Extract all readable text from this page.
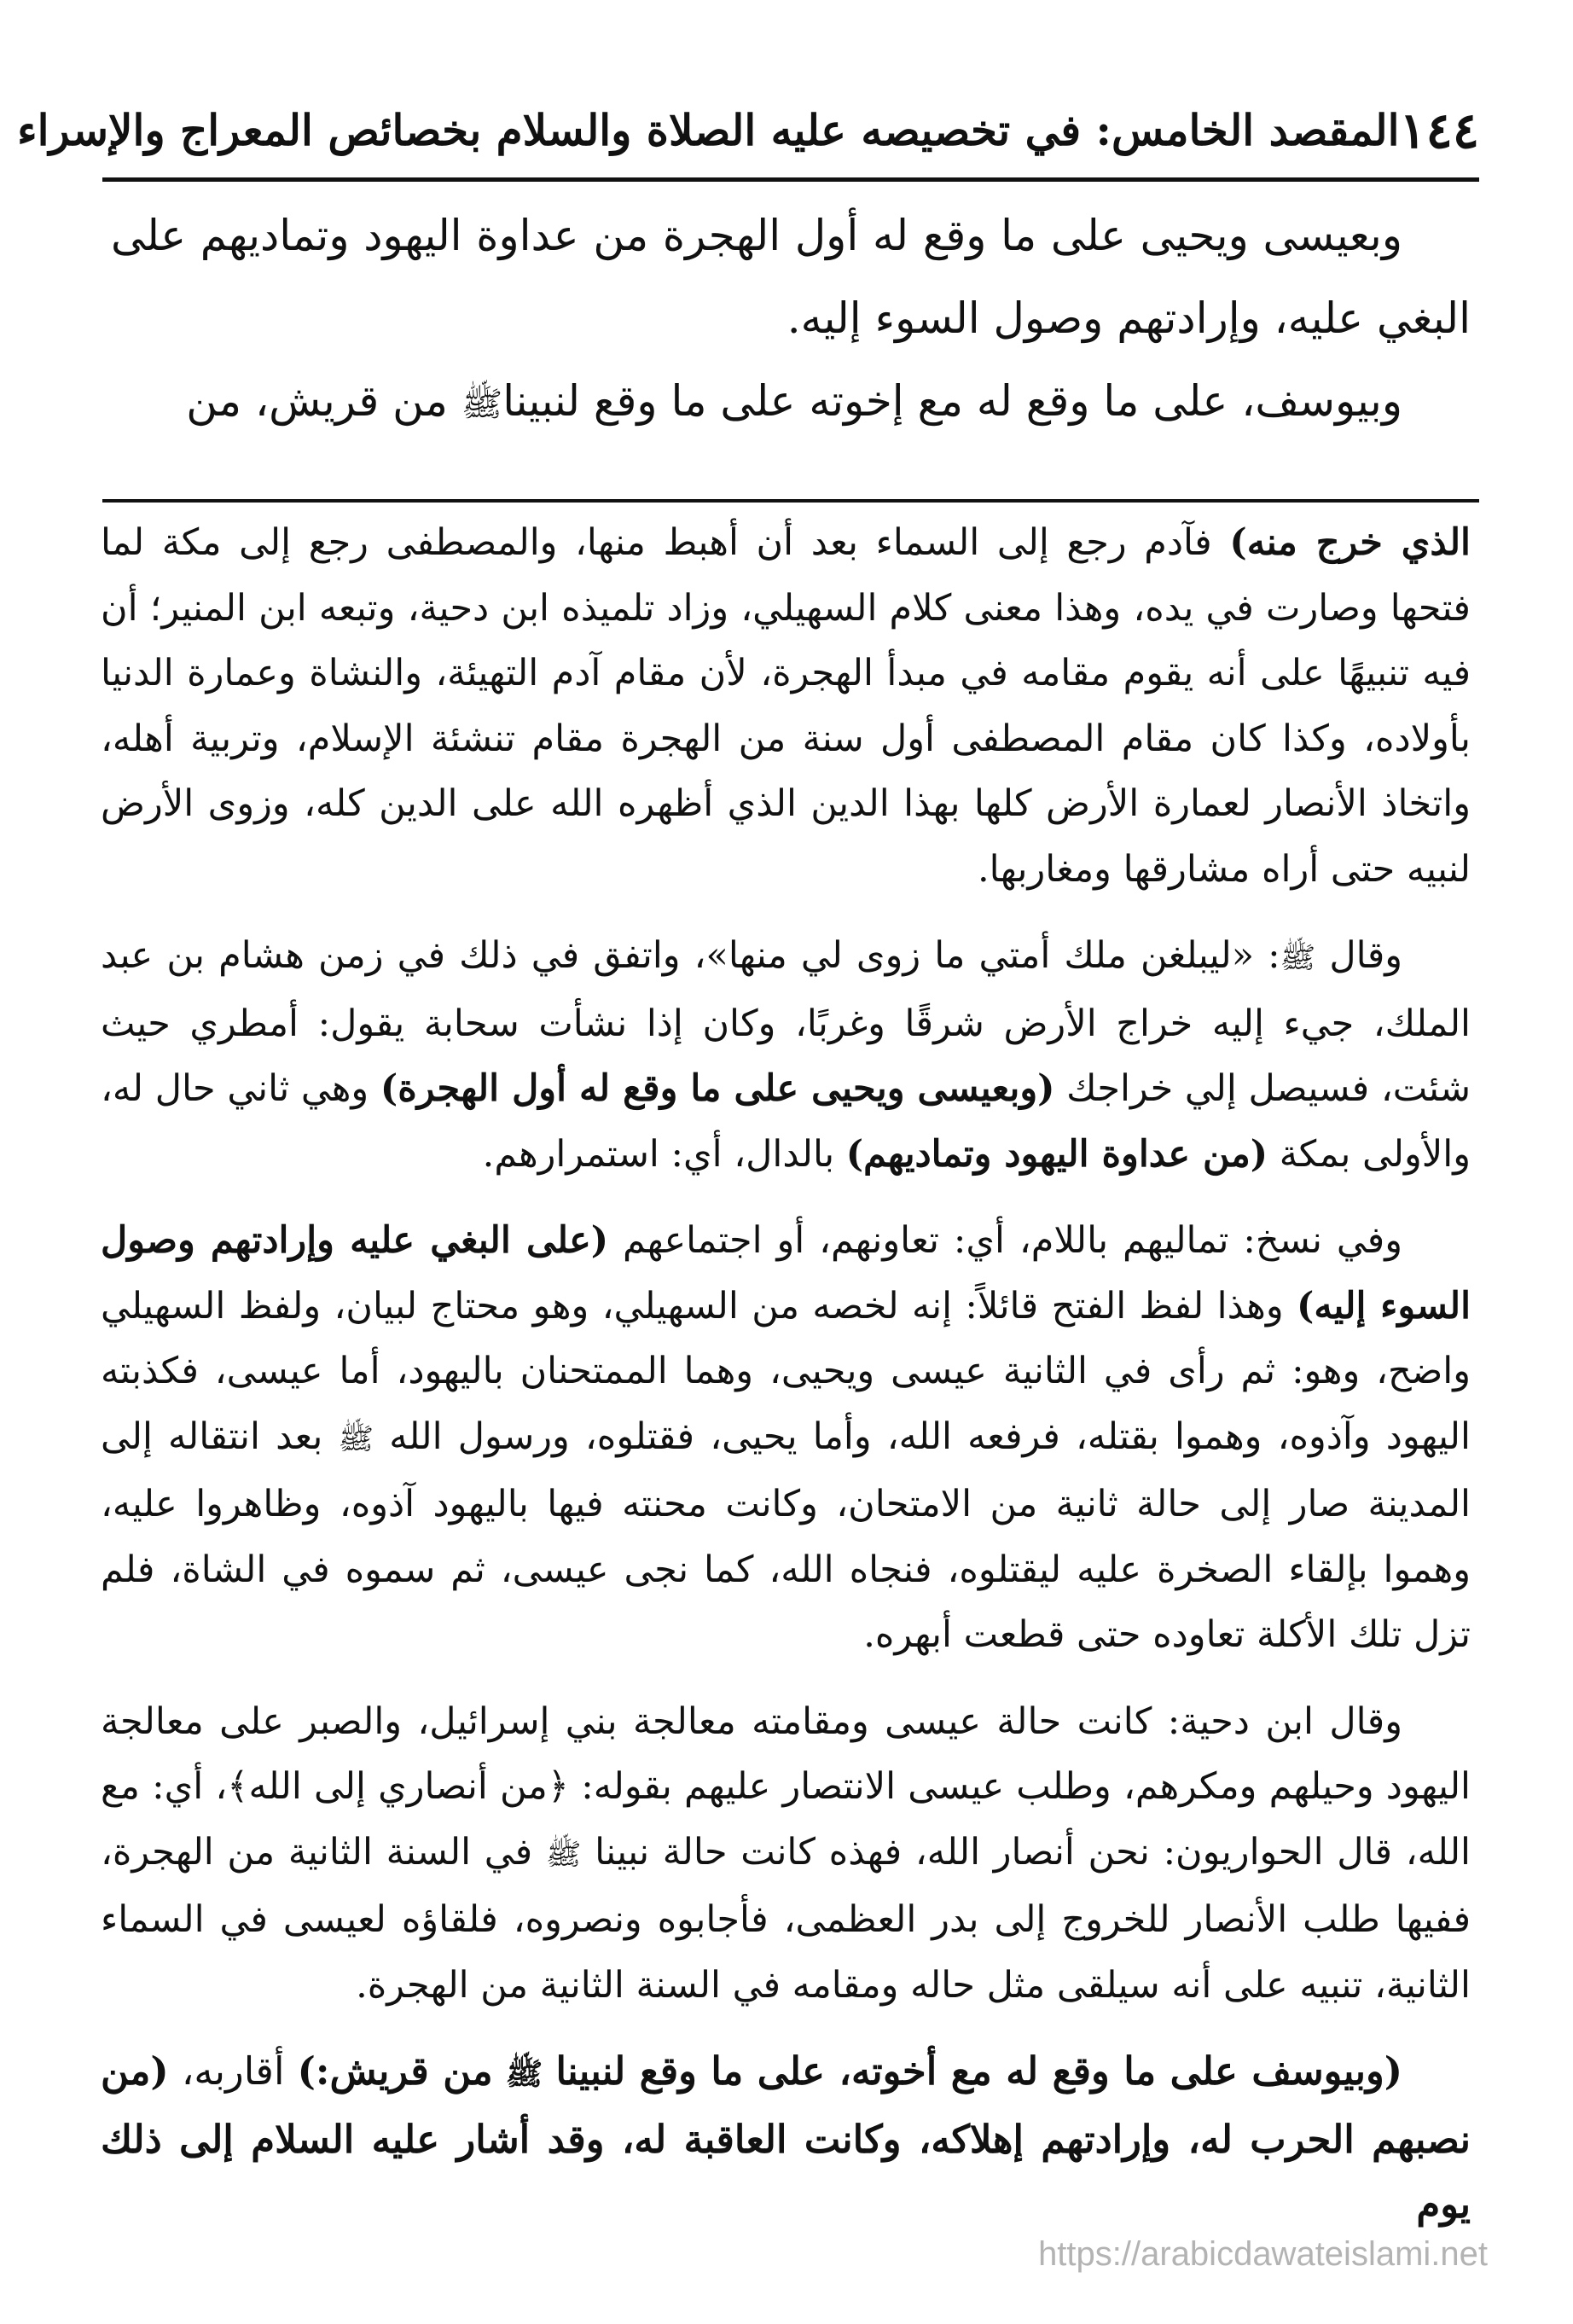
١٤٤
المقصد الخامس: في تخصيصه عليه الصلاة والسلام بخصائص المعراج والإسراء

وبعيسى ويحيى على ما وقع له أول الهجرة من عداوة اليهود وتماديهم على البغي عليه، وإرادتهم وصول السوء إليه.

وبيوسف، على ما وقع له مع إخوته على ما وقع لنبيناﷺ من قريش، من

الذي خرج منه) فآدم رجع إلى السماء بعد أن أهبط منها، والمصطفى رجع إلى مكة لما فتحها وصارت في يده، وهذا معنى كلام السهيلي، وزاد تلميذه ابن دحية، وتبعه ابن المنير؛ أن فيه تنبيهًا على أنه يقوم مقامه في مبدأ الهجرة، لأن مقام آدم التهيئة، والنشاة وعمارة الدنيا بأولاده، وكذا كان مقام المصطفى أول سنة من الهجرة مقام تنشئة الإسلام، وتربية أهله، واتخاذ الأنصار لعمارة الأرض كلها بهذا الدين الذي أظهره الله على الدين كله، وزوى الأرض لنبيه حتى أراه مشارقها ومغاربها.

وقال ﷺ: «ليبلغن ملك أمتي ما زوى لي منها»، واتفق في ذلك في زمن هشام بن عبد الملك، جيء إليه خراج الأرض شرقًا وغربًا، وكان إذا نشأت سحابة يقول: أمطري حيث شئت، فسيصل إلي خراجك (وبعيسى ويحيى على ما وقع له أول الهجرة) وهي ثاني حال له، والأولى بمكة (من عداوة اليهود وتماديهم) بالدال، أي: استمرارهم.

وفي نسخ: تماليهم باللام، أي: تعاونهم، أو اجتماعهم (على البغي عليه وإرادتهم وصول السوء إليه) وهذا لفظ الفتح قائلاً: إنه لخصه من السهيلي، وهو محتاج لبيان، ولفظ السهيلي واضح، وهو: ثم رأى في الثانية عيسى ويحيى، وهما الممتحنان باليهود، أما عيسى، فكذبته اليهود وآذوه، وهموا بقتله، فرفعه الله، وأما يحيى، فقتلوه، ورسول الله ﷺ بعد انتقاله إلى المدينة صار إلى حالة ثانية من الامتحان، وكانت محنته فيها باليهود آذوه، وظاهروا عليه، وهموا بإلقاء الصخرة عليه ليقتلوه، فنجاه الله، كما نجى عيسى، ثم سموه في الشاة، فلم تزل تلك الأكلة تعاوده حتى قطعت أبهره.

وقال ابن دحية: كانت حالة عيسى ومقامته معالجة بني إسرائيل، والصبر على معالجة اليهود وحيلهم ومكرهم، وطلب عيسى الانتصار عليهم بقوله: ﴿من أنصاري إلى الله﴾، أي: مع الله، قال الحواريون: نحن أنصار الله، فهذه كانت حالة نبينا ﷺ في السنة الثانية من الهجرة، ففيها طلب الأنصار للخروج إلى بدر العظمى، فأجابوه ونصروه، فلقاؤه لعيسى في السماء الثانية، تنبيه على أنه سيلقى مثل حاله ومقامه في السنة الثانية من الهجرة.

(وبيوسف على ما وقع له مع أخوته، على ما وقع لنبينا ﷺ من قريش:) أقاربه، (من نصبهم الحرب له، وإرادتهم إهلاكه، وكانت العاقبة له، وقد أشار عليه السلام إلى ذلك يوم

https://arabicdawateislami.net
